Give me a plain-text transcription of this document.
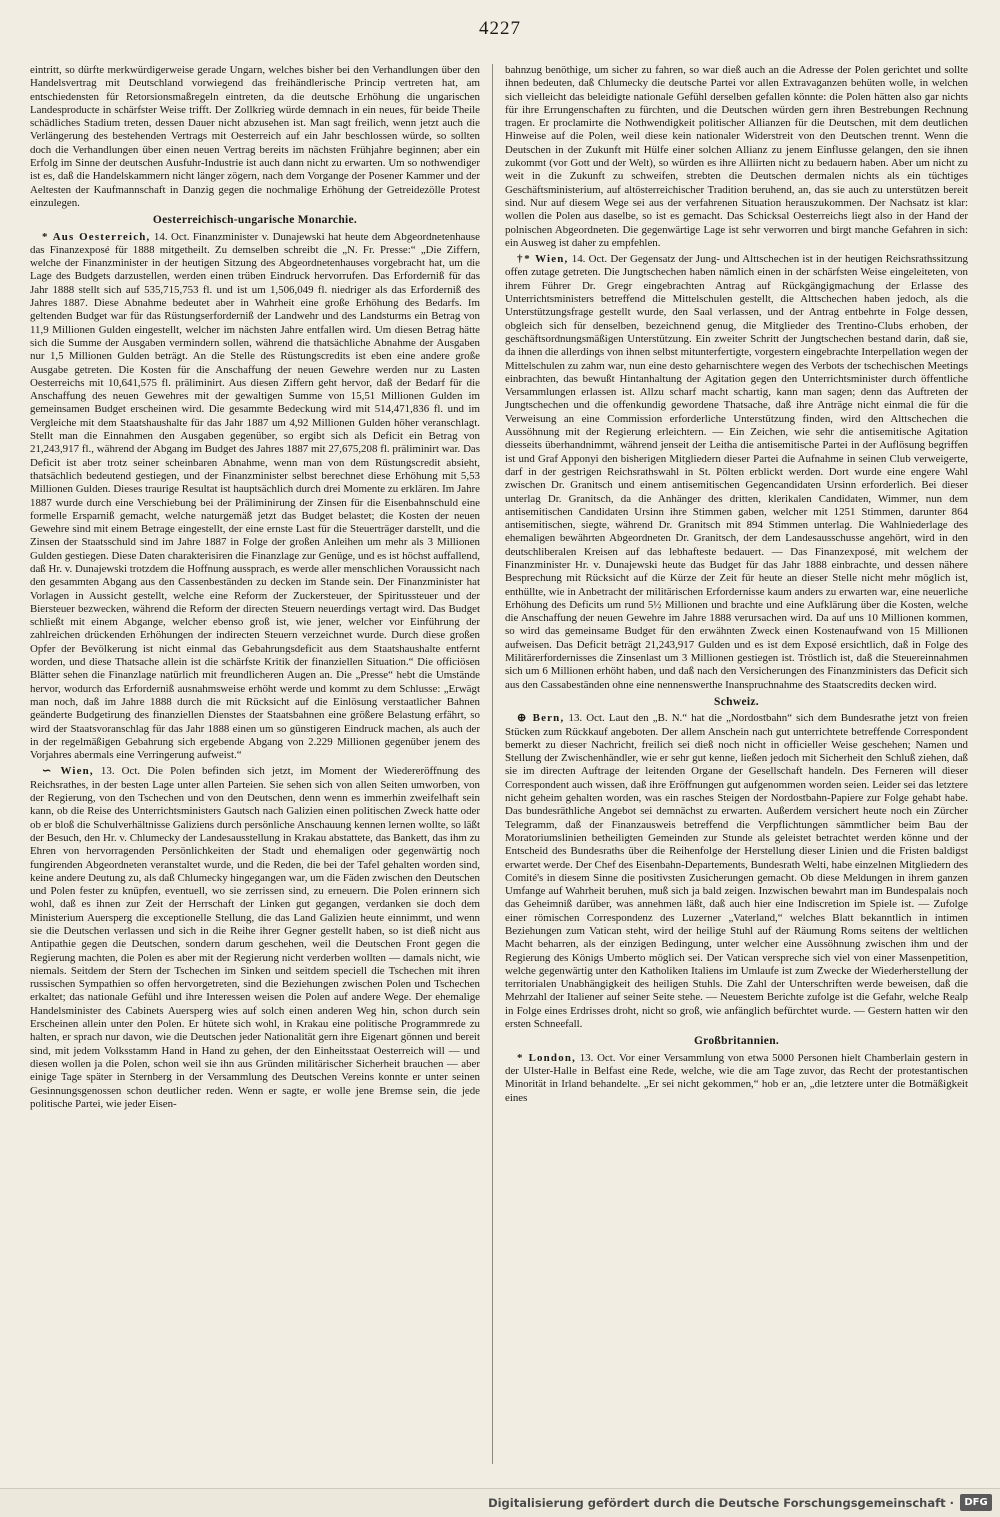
4227

eintritt, so dürfte merkwürdigerweise gerade Ungarn, welches bisher bei den Verhandlungen über den Handelsvertrag mit Deutschland vorwiegend das freihändlerische Princip vertreten hat, am entschiedensten für Retorsionsmaßregeln eintreten, da die deutsche Erhöhung die ungarischen Landesproducte in schärfster Weise trifft. Der Zollkrieg würde demnach in ein neues, für beide Theile schädliches Stadium treten, dessen Dauer nicht abzusehen ist. Man sagt freilich, wenn jetzt auch die Verlängerung des bestehenden Vertrags mit Oesterreich auf ein Jahr beschlossen würde, so sollten doch die Verhandlungen über einen neuen Vertrag bereits im nächsten Frühjahre beginnen; aber ein Erfolg im Sinne der deutschen Ausfuhr-Industrie ist auch dann nicht zu erwarten. Um so nothwendiger ist es, daß die Handelskammern nicht länger zögern, nach dem Vorgange der Posener Kammer und der Aeltesten der Kaufmannschaft in Danzig gegen die nochmalige Erhöhung der Getreidezölle Protest einzulegen.

Oesterreichisch-ungarische Monarchie.

* Aus Oesterreich, 14. Oct. Finanzminister v. Dunajewski hat heute dem Abgeordnetenhause das Finanzexposé für 1888 mitgetheilt. Zu demselben schreibt die „N. Fr. Presse:“ „Die Ziffern, welche der Finanzminister in der heutigen Sitzung des Abgeordnetenhauses vorgebracht hat, um die Lage des Budgets darzustellen, werden einen trüben Eindruck hervorrufen. Das Erforderniß für das Jahr 1888 stellt sich auf 535,715,753 fl. und ist um 1,506,049 fl. niedriger als das Erforderniß des Jahres 1887. Diese Abnahme bedeutet aber in Wahrheit eine große Erhöhung des Bedarfs. Im geltenden Budget war für das Rüstungserforderniß der Landwehr und des Landsturms ein Betrag von 11,9 Millionen Gulden eingestellt, welcher im nächsten Jahre entfallen wird. Um diesen Betrag hätte sich die Summe der Ausgaben vermindern sollen, während die thatsächliche Abnahme der Ausgaben nur 1,5 Millionen Gulden beträgt. An die Stelle des Rüstungscredits ist eben eine andere große Ausgabe getreten. Die Kosten für die Anschaffung der neuen Gewehre werden nur zu Lasten Oesterreichs mit 10,641,575 fl. präliminirt. Aus diesen Ziffern geht hervor, daß der Bedarf für die Anschaffung des neuen Gewehres mit der gewaltigen Summe von 15,51 Millionen Gulden im gemeinsamen Budget erscheinen wird. Die gesammte Bedeckung wird mit 514,471,836 fl. und im Vergleiche mit dem Staatshaushalte für das Jahr 1887 um 4,92 Millionen Gulden höher veranschlagt. Stellt man die Einnahmen den Ausgaben gegenüber, so ergibt sich als Deficit ein Betrag von 21,243,917 fl., während der Abgang im Budget des Jahres 1887 mit 27,675,208 fl. präliminirt war. Das Deficit ist aber trotz seiner scheinbaren Abnahme, wenn man von dem Rüstungscredit absieht, thatsächlich bedeutend gestiegen, und der Finanzminister selbst berechnet diese Erhöhung mit 5,53 Millionen Gulden. Dieses traurige Resultat ist hauptsächlich durch drei Momente zu erklären. Im Jahre 1887 wurde durch eine Verschiebung bei der Präliminirung der Zinsen für die Eisenbahnschuld eine formelle Ersparniß gemacht, welche naturgemäß jetzt das Budget belastet; die Kosten der neuen Gewehre sind mit einem Betrage eingestellt, der eine ernste Last für die Steuerträger darstellt, und die Zinsen der Staatsschuld sind im Jahre 1887 in Folge der großen Anleihen um mehr als 3 Millionen Gulden gestiegen. Diese Daten charakterisiren die Finanzlage zur Genüge, und es ist höchst auffallend, daß Hr. v. Dunajewski trotzdem die Hoffnung aussprach, es werde aller menschlichen Voraussicht nach den gesammten Abgang aus den Cassenbeständen zu decken im Stande sein. Der Finanzminister hat Vorlagen in Aussicht gestellt, welche eine Reform der Zuckersteuer, der Spiritussteuer und der Biersteuer bezwecken, während die Reform der directen Steuern neuerdings vertagt wird. Das Budget schließt mit einem Abgange, welcher ebenso groß ist, wie jener, welcher vor Einführung der zahlreichen drückenden Erhöhungen der indirecten Steuern verzeichnet wurde. Durch diese großen Opfer der Bevölkerung ist nicht einmal das Gebahrungsdeficit aus dem Staatshaushalte entfernt worden, und diese Thatsache allein ist die schärfste Kritik der finanziellen Situation.“ Die officiösen Blätter sehen die Finanzlage natürlich mit freundlicheren Augen an. Die „Presse“ hebt die Umstände hervor, wodurch das Erforderniß ausnahmsweise erhöht werde und kommt zu dem Schlusse: „Erwägt man noch, daß im Jahre 1888 durch die mit Rücksicht auf die Einlösung verstaatlicher Bahnen geänderte Budgetirung des finanziellen Dienstes der Staatsbahnen eine größere Belastung erfährt, so wird der Staatsvoranschlag für das Jahr 1888 einen um so günstigeren Eindruck machen, als auch der in der regelmäßigen Gebahrung sich ergebende Abgang von 2.229 Millionen gegenüber jenem des Vorjahres abermals eine Verringerung aufweist.“

∽ Wien, 13. Oct. Die Polen befinden sich jetzt, im Moment der Wiedereröffnung des Reichsrathes, in der besten Lage unter allen Parteien. Sie sehen sich von allen Seiten umworben, von der Regierung, von den Tschechen und von den Deutschen, denn wenn es immerhin zweifelhaft sein kann, ob die Reise des Unterrichtsministers Gautsch nach Galizien einen politischen Zweck hatte oder ob er bloß die Schulverhältnisse Galiziens durch persönliche Anschauung kennen lernen wollte, so läßt der Besuch, den Hr. v. Chlumecky der Landesausstellung in Krakau abstattete, das Bankett, das ihm zu Ehren von hervorragenden Persönlichkeiten der Stadt und ehemaligen oder gegenwärtig noch fungirenden Abgeordneten veranstaltet wurde, und die Reden, die bei der Tafel gehalten worden sind, keine andere Deutung zu, als daß Chlumecky hingegangen war, um die Fäden zwischen den Deutschen und Polen fester zu knüpfen, eventuell, wo sie zerrissen sind, zu erneuern. Die Polen erinnern sich wohl, daß es ihnen zur Zeit der Herrschaft der Linken gut gegangen, verdanken sie doch dem Ministerium Auersperg die exceptionelle Stellung, die das Land Galizien heute einnimmt, und wenn sie die Deutschen verlassen und sich in die Reihe ihrer Gegner gestellt haben, so ist dieß nicht aus Antipathie gegen die Deutschen, sondern darum geschehen, weil die Deutschen Front gegen die Regierung machten, die Polen es aber mit der Regierung nicht verderben wollten — damals nicht, wie niemals. Seitdem der Stern der Tschechen im Sinken und seitdem speciell die Tschechen mit ihren russischen Sympathien so offen hervorgetreten, sind die Beziehungen zwischen Polen und Tschechen erkaltet; das nationale Gefühl und ihre Interessen weisen die Polen auf andere Wege. Der ehemalige Handelsminister des Cabinets Auersperg wies auf solch einen anderen Weg hin, schon durch sein Erscheinen allein unter den Polen. Er hütete sich wohl, in Krakau eine politische Programmrede zu halten, er sprach nur davon, wie die Deutschen jeder Nationalität gern ihre Eigenart gönnen und bereit sind, mit jedem Volksstamm Hand in Hand zu gehen, der den Einheitsstaat Oesterreich will — und diesen wollen ja die Polen, schon weil sie ihn aus Gründen militärischer Sicherheit brauchen — aber einige Tage später in Sternberg in der Versammlung des Deutschen Vereins konnte er unter seinen Gesinnungsgenossen schon deutlicher reden. Wenn er sagte, er wolle jene Bremse sein, die jede politische Partei, wie jeder Eisen-

bahnzug benöthige, um sicher zu fahren, so war dieß auch an die Adresse der Polen gerichtet und sollte ihnen bedeuten, daß Chlumecky die deutsche Partei vor allen Extravaganzen behüten wolle, in welchen sich vielleicht das beleidigte nationale Gefühl derselben gefallen könnte: die Polen hätten also gar nichts für ihre Errungenschaften zu fürchten, und die Deutschen würden gern ihren Bestrebungen Rechnung tragen. Er proclamirte die Nothwendigkeit politischer Allianzen für die Deutschen, mit dem deutlichen Hinweise auf die Polen, weil diese kein nationaler Widerstreit von den Deutschen trennt. Wenn die Deutschen in der Zukunft mit Hülfe einer solchen Allianz zu jenem Einflusse gelangen, den sie ihnen zukommt (vor Gott und der Welt), so würden es ihre Alliirten nicht zu bedauern haben. Aber um nicht zu weit in die Zukunft zu schweifen, strebten die Deutschen dermalen nichts als ein tüchtiges Geschäftsministerium, auf altösterreichischer Tradition beruhend, an, das sie auch zu unterstützen bereit sind. Nur auf diesem Wege sei aus der verfahrenen Situation herauszukommen. Der Nachsatz ist klar: wollen die Polen aus daselbe, so ist es gemacht. Das Schicksal Oesterreichs liegt also in der Hand der polnischen Abgeordneten. Die gegenwärtige Lage ist sehr verworren und birgt manche Gefahren in sich: ein Ausweg ist daher zu empfehlen.

†* Wien, 14. Oct. Der Gegensatz der Jung- und Alttschechen ist in der heutigen Reichsrathssitzung offen zutage getreten. Die Jungtschechen haben nämlich einen in der schärfsten Weise eingeleiteten, von ihrem Führer Dr. Gregr eingebrachten Antrag auf Rückgängigmachung der Erlasse des Unterrichtsministers betreffend die Mittelschulen gestellt, die Alttschechen haben jedoch, als die Unterstützungsfrage gestellt wurde, den Saal verlassen, und der Antrag entbehrte in Folge dessen, obgleich sich für denselben, bezeichnend genug, die Mitglieder des Trentino-Clubs erhoben, der geschäftsordnungsmäßigen Unterstützung. Ein zweiter Schritt der Jungtschechen bestand darin, daß sie, da ihnen die allerdings von ihnen selbst mitunterfertigte, vorgestern eingebrachte Interpellation wegen der Mittelschulen zu zahm war, nun eine desto geharnischtere wegen des Verbots der tschechischen Meetings einbrachten, das bewußt Hintanhaltung der Agitation gegen den Unterrichtsminister durch öffentliche Versammlungen erlassen ist. Allzu scharf macht schartig, kann man sagen; denn das Auftreten der Jungtschechen und die offenkundig gewordene Thatsache, daß ihre Anträge nicht einmal die für die Verweisung an eine Commission erforderliche Unterstützung finden, wird den Alttschechen die Aussöhnung mit der Regierung erleichtern. — Ein Zeichen, wie sehr die antisemitische Agitation diesseits überhandnimmt, während jenseit der Leitha die antisemitische Partei in der Auflösung begriffen ist und Graf Apponyi den bisherigen Mitgliedern dieser Partei die Aufnahme in seinen Club verweigerte, darf in der gestrigen Reichsrathswahl in St. Pölten erblickt werden. Dort wurde eine engere Wahl zwischen Dr. Granitsch und einem antisemitischen Gegencandidaten Ursinn erforderlich. Bei dieser unterlag Dr. Granitsch, da die Anhänger des dritten, klerikalen Candidaten, Wimmer, nun dem antisemitischen Candidaten Ursinn ihre Stimmen gaben, welcher mit 1251 Stimmen, darunter 864 antisemitischen, siegte, während Dr. Granitsch mit 894 Stimmen unterlag. Die Wahlniederlage des ehemaligen bewährten Abgeordneten Dr. Granitsch, der dem Landesausschusse angehört, wird in den deutschliberalen Kreisen auf das lebhafteste bedauert. — Das Finanzexposé, mit welchem der Finanzminister Hr. v. Dunajewski heute das Budget für das Jahr 1888 einbrachte, und dessen nähere Besprechung mit Rücksicht auf die Kürze der Zeit für heute an dieser Stelle nicht mehr möglich ist, enthüllte, wie in Anbetracht der militärischen Erfordernisse kaum anders zu erwarten war, eine neuerliche Erhöhung des Deficits um rund 5½ Millionen und brachte und eine Aufklärung über die Kosten, welche die Anschaffung der neuen Gewehre im Jahre 1888 verursachen wird. Da auf uns 10 Millionen kommen, so wird das gemeinsame Budget für den erwähnten Zweck einen Kostenaufwand von 15 Millionen aufweisen. Das Deficit beträgt 21,243,917 Gulden und es ist dem Exposé ersichtlich, daß in Folge des Militärerfordernisses die Zinsenlast um 3 Millionen gestiegen ist. Tröstlich ist, daß die Steuereinnahmen sich um 6 Millionen erhöht haben, und daß nach den Versicherungen des Finanzministers das Deficit sich aus den Cassabeständen ohne eine nennenswerthe Inanspruchnahme des Staatscredits decken wird.

Schweiz.

⊕ Bern, 13. Oct. Laut den „B. N.“ hat die „Nordostbahn“ sich dem Bundesrathe jetzt von freien Stücken zum Rückkauf angeboten. Der allem Anschein nach gut unterrichtete betreffende Correspondent bemerkt zu dieser Nachricht, freilich sei dieß noch nicht in officieller Weise geschehen; Namen und Stellung der Zwischenhändler, wie er sehr gut kenne, ließen jedoch mit Sicherheit den Schluß ziehen, daß sie im directen Auftrage der leitenden Organe der Gesellschaft handeln. Des Ferneren will dieser Correspondent auch wissen, daß ihre Eröffnungen gut aufgenommen worden seien. Leider sei das letztere nicht geheim gehalten worden, was ein rasches Steigen der Nordostbahn-Papiere zur Folge gehabt habe. Das bundesräthliche Angebot sei demnächst zu erwarten. Außerdem versichert heute noch ein Zürcher Telegramm, daß der Finanzausweis betreffend die Verpflichtungen sämmtlicher beim Bau der Moratoriumslinien betheiligten Gemeinden zur Stunde als geleistet betrachtet werden könne und der Entscheid des Bundesraths über die Reihenfolge der Herstellung dieser Linien und die Fristen baldigst erwartet werde. Der Chef des Eisenbahn-Departements, Bundesrath Welti, habe einzelnen Mitgliedern des Comité's in diesem Sinne die positivsten Zusicherungen gemacht. Ob diese Meldungen in ihrem ganzen Umfange auf Wahrheit beruhen, muß sich ja bald zeigen. Inzwischen bewahrt man im Bundespalais noch das Geheimniß darüber, was annehmen läßt, daß auch hier eine Indiscretion im Spiele ist. — Zufolge einer römischen Correspondenz des Luzerner „Vaterland,“ welches Blatt bekanntlich in intimen Beziehungen zum Vatican steht, wird der heilige Stuhl auf der Räumung Roms seitens der weltlichen Macht beharren, als der einzigen Bedingung, unter welcher eine Aussöhnung zwischen ihm und der Regierung des Königs Umberto möglich sei. Der Vatican verspreche sich viel von einer Massenpetition, welche gegenwärtig unter den Katholiken Italiens im Umlaufe ist zum Zwecke der Wiederherstellung der territorialen Unabhängigkeit des heiligen Stuhls. Die Zahl der Unterschriften werde beweisen, daß die Mehrzahl der Italiener auf seiner Seite stehe. — Neuestem Berichte zufolge ist die Gefahr, welche Realp in Folge eines Erdrisses droht, nicht so groß, wie anfänglich befürchtet wurde. — Gestern hatten wir den ersten Schneefall.

Großbritannien.

* London, 13. Oct. Vor einer Versammlung von etwa 5000 Personen hielt Chamberlain gestern in der Ulster-Halle in Belfast eine Rede, welche, wie die am Tage zuvor, das Recht der protestantischen Minorität in Irland behandelte. „Er sei nicht gekommen,“ hob er an, „die letztere unter die Botmäßigkeit eines

Digitalisierung gefördert durch die Deutsche Forschungsgemeinschaft ·	DFG
